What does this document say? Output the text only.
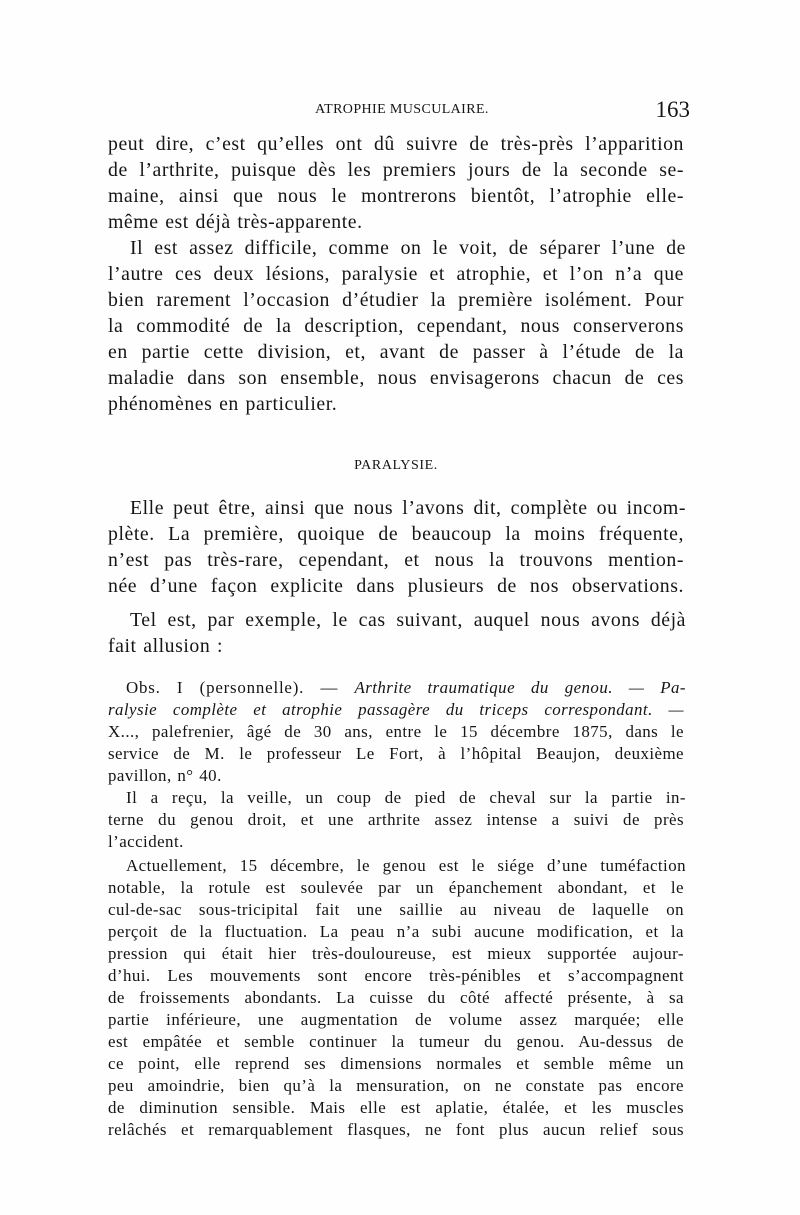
ATROPHIE MUSCULAIRE.	163
peut dire, c’est qu’elles ont dû suivre de très-près l’apparition
de l’arthrite, puisque dès les premiers jours de la seconde se-
maine, ainsi que nous le montrerons bientôt, l’atrophie elle-
même est déjà très-apparente.
Il est assez difficile, comme on le voit, de séparer l’une de
l’autre ces deux lésions, paralysie et atrophie, et l’on n’a que
bien rarement l’occasion d’étudier la première isolément. Pour
la commodité de la description, cependant, nous conserverons
en partie cette division, et, avant de passer à l’étude de la
maladie dans son ensemble, nous envisagerons chacun de ces
phénomènes en particulier.
PARALYSIE.
Elle peut être, ainsi que nous l’avons dit, complète ou incom-
plète. La première, quoique de beaucoup la moins fréquente,
n’est pas très-rare, cependant, et nous la trouvons mention-
née d’une façon explicite dans plusieurs de nos observations.
Tel est, par exemple, le cas suivant, auquel nous avons déjà
fait allusion :
Obs. I (personnelle). — Arthrite traumatique du genou. — Pa-
ralysie complète et atrophie passagère du triceps correspondant. —
X..., palefrenier, âgé de 30 ans, entre le 15 décembre 1875, dans le
service de M. le professeur Le Fort, à l’hôpital Beaujon, deuxième
pavillon, n° 40.
Il a reçu, la veille, un coup de pied de cheval sur la partie in-
terne du genou droit, et une arthrite assez intense a suivi de près
l’accident.
Actuellement, 15 décembre, le genou est le siége d’une tuméfaction
notable, la rotule est soulevée par un épanchement abondant, et le
cul-de-sac sous-tricipital fait une saillie au niveau de laquelle on
perçoit de la fluctuation. La peau n’a subi aucune modification, et la
pression qui était hier très-douloureuse, est mieux supportée aujour-
d’hui. Les mouvements sont encore très-pénibles et s’accompagnent
de froissements abondants. La cuisse du côté affecté présente, à sa
partie inférieure, une augmentation de volume assez marquée; elle
est empâtée et semble continuer la tumeur du genou. Au-dessus de
ce point, elle reprend ses dimensions normales et semble même un
peu amoindrie, bien qu’à la mensuration, on ne constate pas encore
de diminution sensible. Mais elle est aplatie, étalée, et les muscles
relâchés et remarquablement flasques, ne font plus aucun relief sous
